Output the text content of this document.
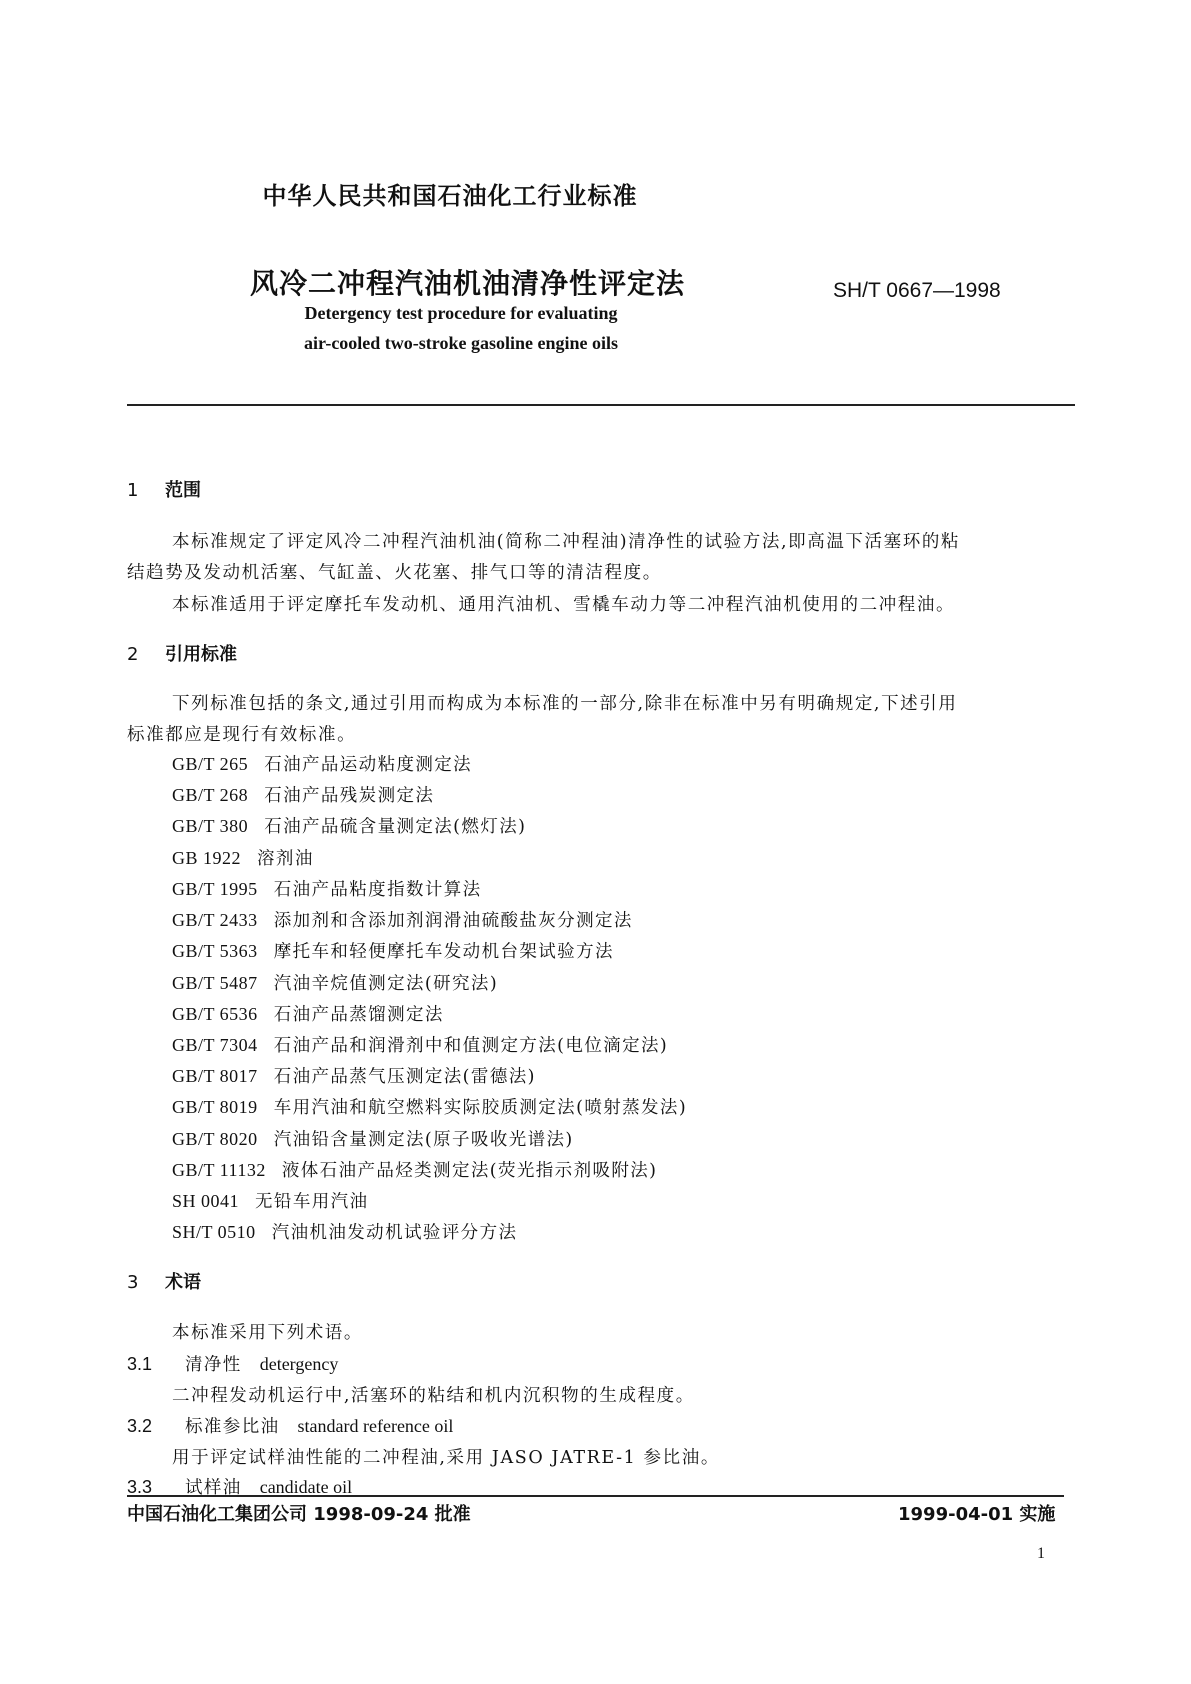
中华人民共和国石油化工行业标准
风冷二冲程汽油机油清净性评定法	SH/T 0667—1998
Detergency test procedure for evaluating
air-cooled two-stroke gasoline engine oils
1 范围
本标准规定了评定风冷二冲程汽油机油(简称二冲程油)清净性的试验方法,即高温下活塞环的粘
结趋势及发动机活塞、气缸盖、火花塞、排气口等的清洁程度。
本标准适用于评定摩托车发动机、通用汽油机、雪橇车动力等二冲程汽油机使用的二冲程油。
2 引用标准
下列标准包括的条文,通过引用而构成为本标准的一部分,除非在标准中另有明确规定,下述引用
标准都应是现行有效标准。
GB/T 265 石油产品运动粘度测定法
GB/T 268 石油产品残炭测定法
GB/T 380 石油产品硫含量测定法(燃灯法)
GB 1922 溶剂油
GB/T 1995 石油产品粘度指数计算法
GB/T 2433 添加剂和含添加剂润滑油硫酸盐灰分测定法
GB/T 5363 摩托车和轻便摩托车发动机台架试验方法
GB/T 5487 汽油辛烷值测定法(研究法)
GB/T 6536 石油产品蒸馏测定法
GB/T 7304 石油产品和润滑剂中和值测定方法(电位滴定法)
GB/T 8017 石油产品蒸气压测定法(雷德法)
GB/T 8019 车用汽油和航空燃料实际胶质测定法(喷射蒸发法)
GB/T 8020 汽油铅含量测定法(原子吸收光谱法)
GB/T 11132 液体石油产品烃类测定法(荧光指示剂吸附法)
SH 0041 无铅车用汽油
SH/T 0510 汽油机油发动机试验评分方法
3 术语
本标准采用下列术语。
3.1 清净性 detergency
二冲程发动机运行中,活塞环的粘结和机内沉积物的生成程度。
3.2 标准参比油 standard reference oil
用于评定试样油性能的二冲程油,采用 JASO JATRE-1 参比油。
3.3 试样油 candidate oil
中国石油化工集团公司 1998-09-24 批准	1999-04-01 实施
1
